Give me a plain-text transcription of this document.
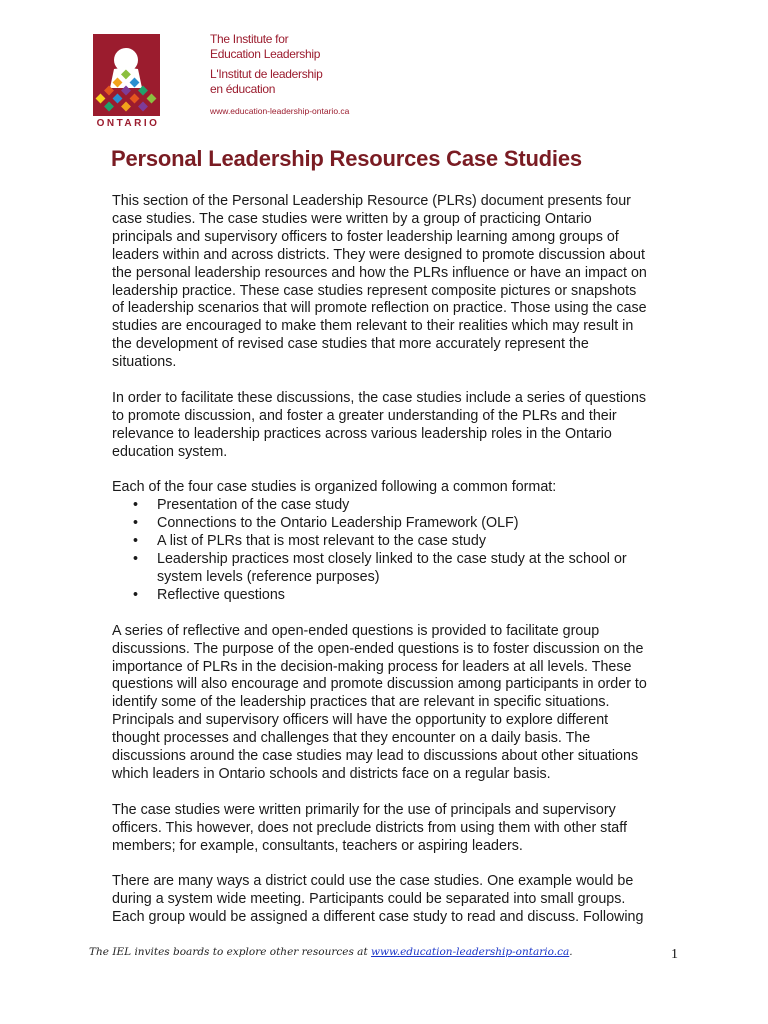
ONTARIO
The Institute for
Education Leadership
L'Institut de leadership
en éducation
www.education-leadership-ontario.ca
Personal Leadership Resources Case Studies

This section of the Personal Leadership Resource (PLRs) document presents four

case studies. The case studies were written by a group of practicing Ontario

principals and supervisory officers to foster leadership learning among groups of

leaders within and across districts. They were designed to promote discussion about

the personal leadership resources and how the PLRs influence or have an impact on

leadership practice. These case studies represent composite pictures or snapshots

of leadership scenarios that will promote reflection on practice. Those using the case

studies are encouraged to make them relevant to their realities which may result in

the development of revised case studies that more accurately represent the

situations.

In order to facilitate these discussions, the case studies include a series of questions

to promote discussion, and foster a greater understanding of the PLRs and their

relevance to leadership practices across various leadership roles in the Ontario

education system.

Each of the four case studies is organized following a common format:

• Presentation of the case study
• Connections to the Ontario Leadership Framework (OLF)
• A list of PLRs that is most relevant to the case study
• Leadership practices most closely linked to the case study at the school or
system levels (reference purposes)
• Reflective questions

A series of reflective and open-ended questions is provided to facilitate group

discussions. The purpose of the open-ended questions is to foster discussion on the

importance of PLRs in the decision-making process for leaders at all levels. These

questions will also encourage and promote discussion among participants in order to

identify some of the leadership practices that are relevant in specific situations.

Principals and supervisory officers will have the opportunity to explore different

thought processes and challenges that they encounter on a daily basis. The

discussions around the case studies may lead to discussions about other situations

which leaders in Ontario schools and districts face on a regular basis.

The case studies were written primarily for the use of principals and supervisory

officers. This however, does not preclude districts from using them with other staff

members; for example, consultants, teachers or aspiring leaders.

There are many ways a district could use the case studies. One example would be

during a system wide meeting. Participants could be separated into small groups.

Each group would be assigned a different case study to read and discuss. Following

The IEL invites boards to explore other resources at www.education-leadership-ontario.ca.	1
